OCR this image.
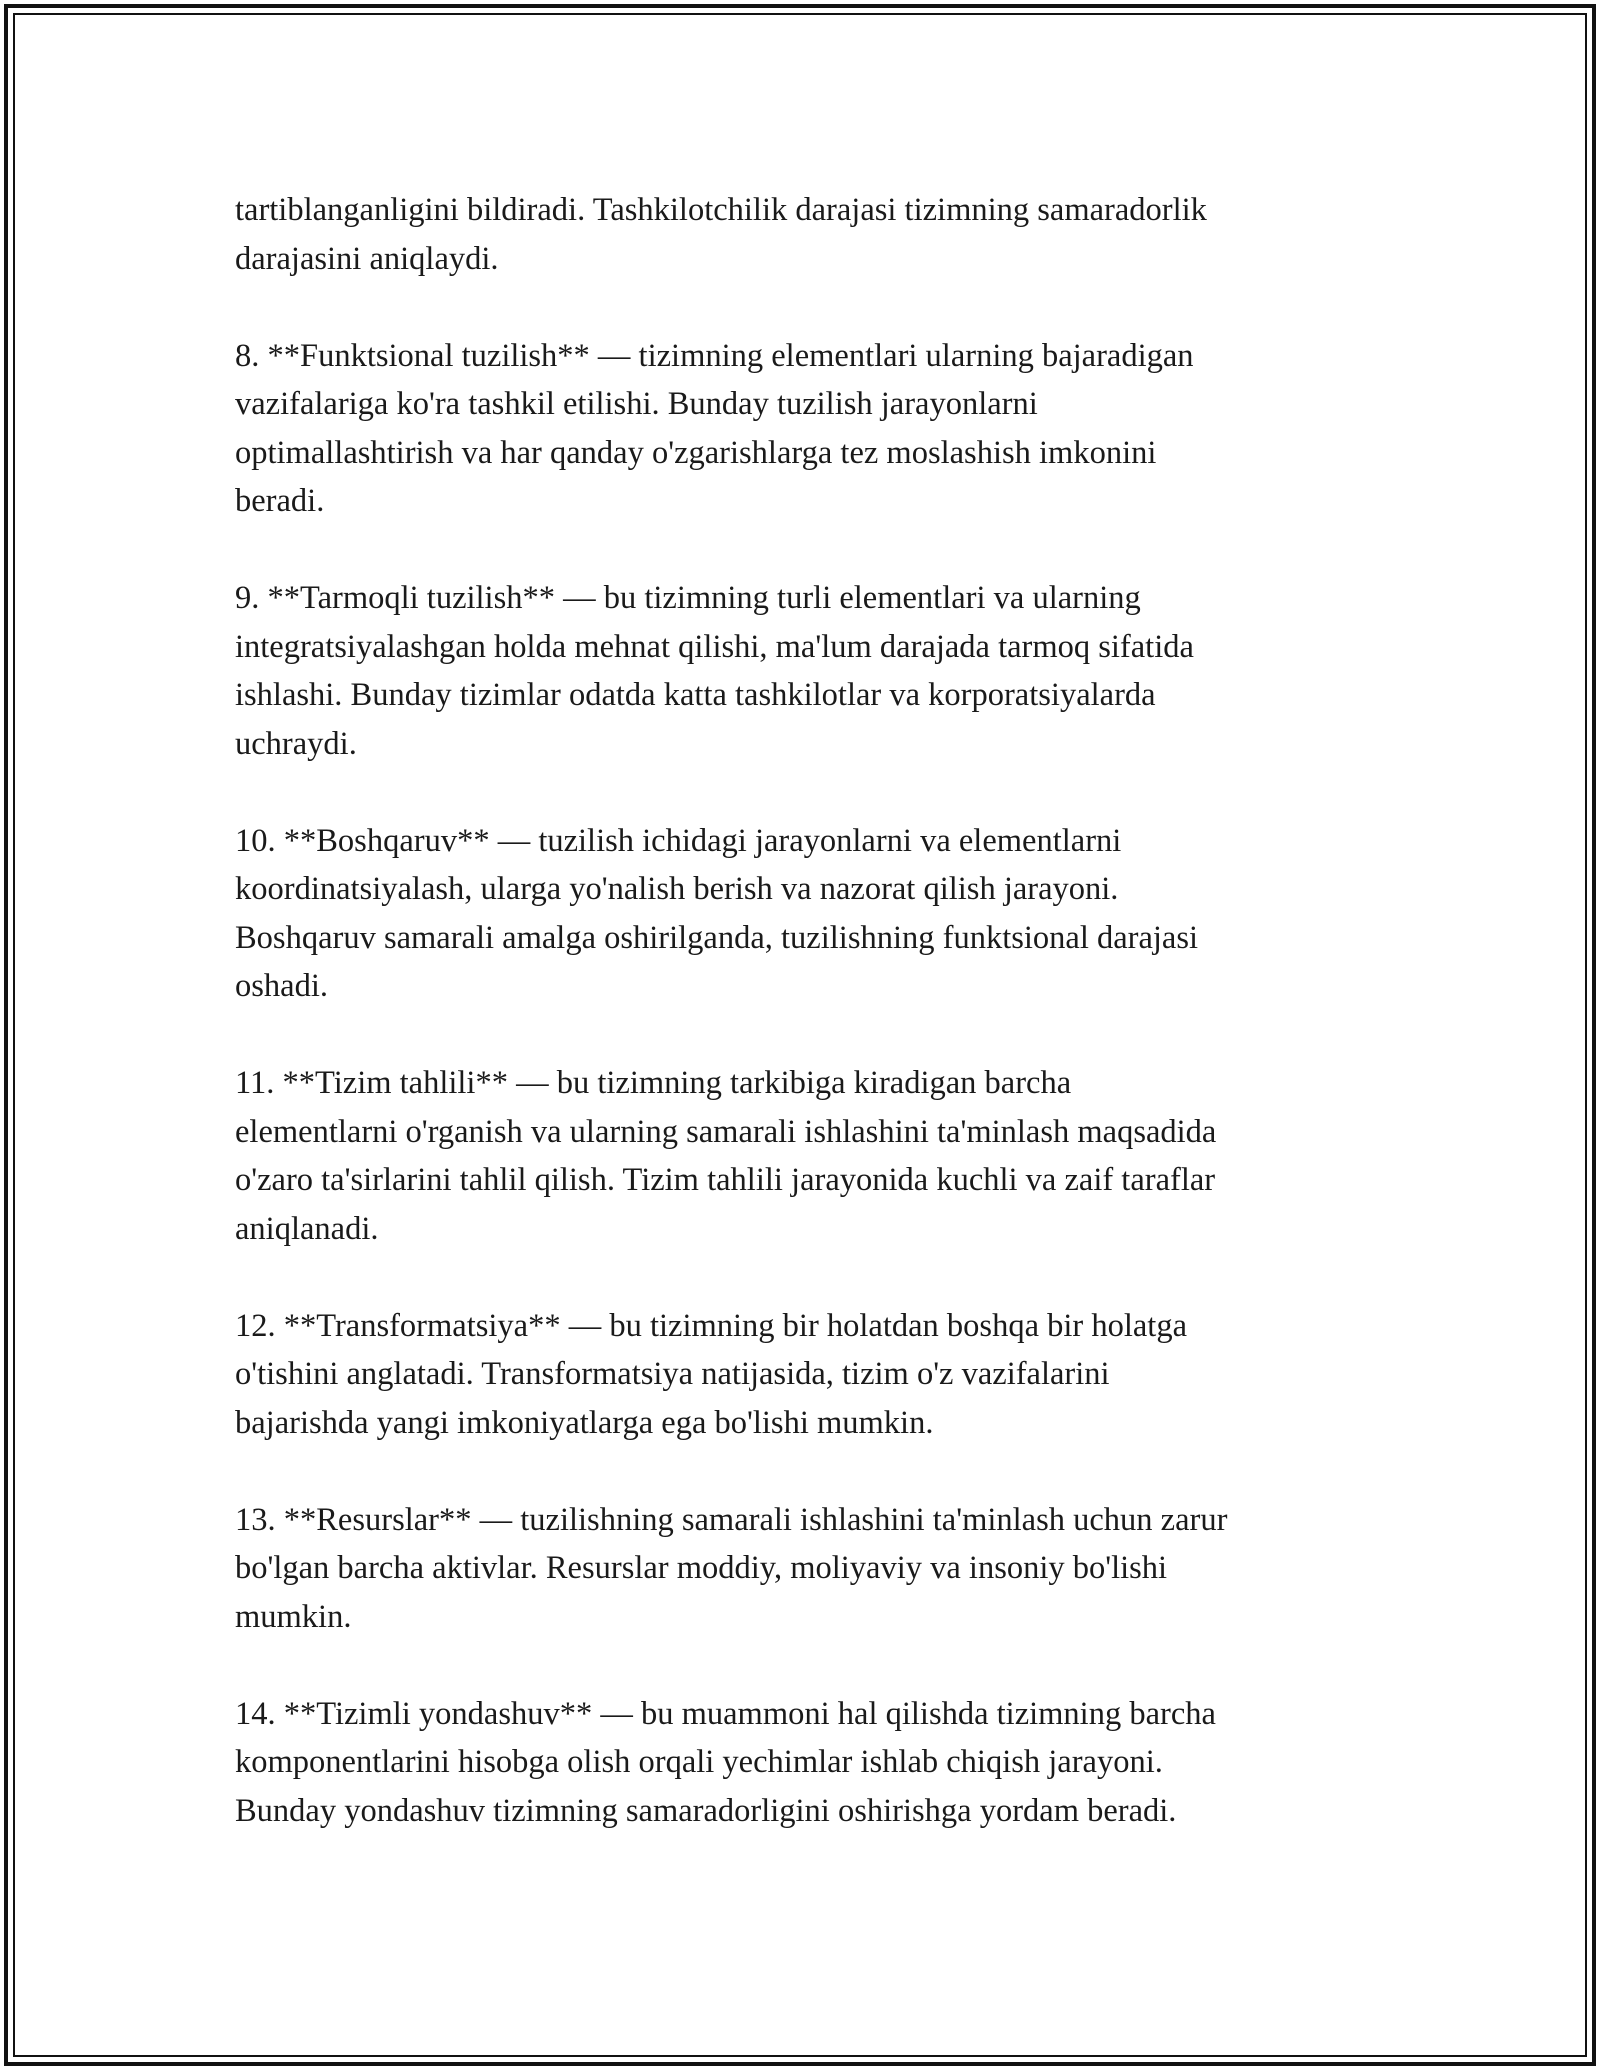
tartiblanganligini bildiradi. Tashkilotchilik darajasi tizimning samaradorlik
darajasini aniqlaydi.

8. **Funktsional tuzilish** — tizimning elementlari ularning bajaradigan
vazifalariga ko'ra tashkil etilishi. Bunday tuzilish jarayonlarni
optimallashtirish va har qanday o'zgarishlarga tez moslashish imkonini
beradi.

9. **Tarmoqli tuzilish** — bu tizimning turli elementlari va ularning
integratsiyalashgan holda mehnat qilishi, ma'lum darajada tarmoq sifatida
ishlashi. Bunday tizimlar odatda katta tashkilotlar va korporatsiyalarda
uchraydi.

10. **Boshqaruv** — tuzilish ichidagi jarayonlarni va elementlarni
koordinatsiyalash, ularga yo'nalish berish va nazorat qilish jarayoni.
Boshqaruv samarali amalga oshirilganda, tuzilishning funktsional darajasi
oshadi.

11. **Tizim tahlili** — bu tizimning tarkibiga kiradigan barcha
elementlarni o'rganish va ularning samarali ishlashini ta'minlash maqsadida
o'zaro ta'sirlarini tahlil qilish. Tizim tahlili jarayonida kuchli va zaif taraflar
aniqlanadi.

12. **Transformatsiya** — bu tizimning bir holatdan boshqa bir holatga
o'tishini anglatadi. Transformatsiya natijasida, tizim o'z vazifalarini
bajarishda yangi imkoniyatlarga ega bo'lishi mumkin.

13. **Resurslar** — tuzilishning samarali ishlashini ta'minlash uchun zarur
bo'lgan barcha aktivlar. Resurslar moddiy, moliyaviy va insoniy bo'lishi
mumkin.

14. **Tizimli yondashuv** — bu muammoni hal qilishda tizimning barcha
komponentlarini hisobga olish orqali yechimlar ishlab chiqish jarayoni.
Bunday yondashuv tizimning samaradorligini oshirishga yordam beradi.
